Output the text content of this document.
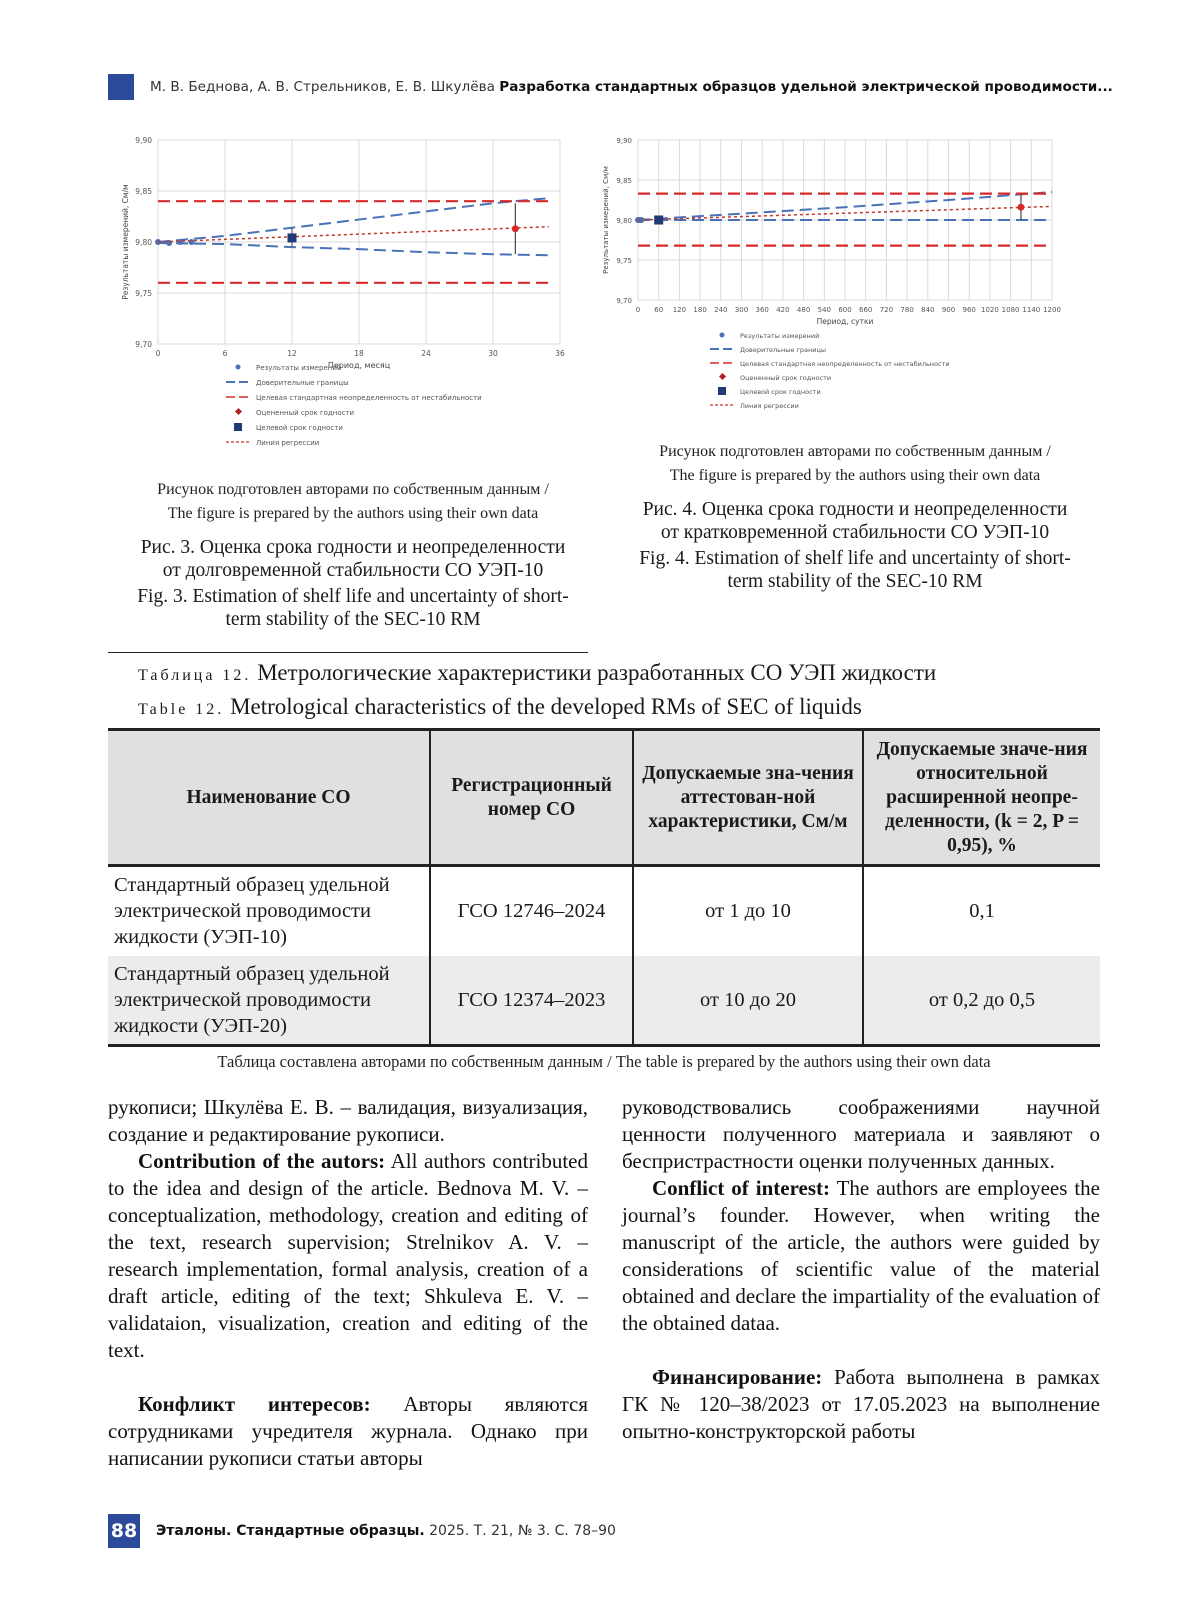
М. В. Беднова, А. В. Стрельников, Е. В. Шкулёва Разработка стандартных образцов удельной электрической проводимости...
0	6	12	18	24	30	36
9,70
9,75
9,80
9,85
9,90
Период, месяц
Результаты измерений, См/м
Результаты измерений
Доверительные границы
Целевая стандартная неопределенность от нестабильности
Оцененный срок годности
Целевой срок годности
Линия регрессии
0 60 120 180 240 300 360 420 480 540 600 660 720 780 840 900 960 1020 1080 1140 1200
9,70
9,75
9,80
9,85
9,90
Период, сутки
Результаты измерений, См/м
Результаты измерений
Доверительные границы
Целевая стандартная неопределенность от нестабильности
Оцененный срок годности
Целевой срок годности
Линия регрессии
Рисунок подготовлен авторами по собственным данным /
The figure is prepared by the authors using their own data
Рис. 3. Оценка срока годности и неопределенности
от долговременной стабильности СО УЭП-10
Fig. 3. Estimation of shelf life and uncertainty of short-
term stability of the SEC-10 RM
Рисунок подготовлен авторами по собственным данным /
The figure is prepared by the authors using their own data
Рис. 4. Оценка срока годности и неопределенности
от кратковременной стабильности СО УЭП-10
Fig. 4. Estimation of shelf life and uncertainty of short-
term stability of the SEC-10 RM
Таблица 12. Метрологические характеристики разработанных СО УЭП жидкости
Table 12. Metrological characteristics of the developed RMs of SEC of liquids
Наименование СО	Регистрационный номер СО	Допускаемые зна-чения аттестован-ной характеристики, См/м	Допускаемые значе-ния относительной расширенной неопре-деленности, (k = 2, P = 0,95), %
Стандартный образец удельной электрической проводимости жидкости (УЭП-10)	ГСО 12746–2024	от 1 до 10	0,1
Стандартный образец удельной электрической проводимости жидкости (УЭП-20)	ГСО 12374–2023	от 10 до 20	от 0,2 до 0,5
Таблица составлена авторами по собственным данным / The table is prepared by the authors using their own data

рукописи; Шкулёва Е. В. – валидация, визуализация, создание и редактирование рукописи.

Contribution of the autors: All authors contributed to the idea and design of the article. Bednova M. V. – conceptualization, methodology, creation and editing of the text, research supervision; Strelnikov A. V. – research implementation, formal analysis, creation of a draft article, editing of the text; Shkuleva E. V. – validataion, visualization, creation and editing of the text.

Конфликт интересов: Авторы являются сотрудниками учредителя журнала. Однако при написании рукописи статьи авторы

руководствовались соображениями научной ценности полученного материала и заявляют о беспристрастности оценки полученных данных.

Conflict of interest: The authors are employees the journal’s founder. However, when writing the manuscript of the article, the authors were guided by considerations of scientific value of the material obtained and declare the impartiality of the evaluation of the obtained dataa.

Финансирование: Работа выполнена в рамках ГК № 120–38/2023 от 17.05.2023 на выполнение опытно-конструкторской работы

88 Эталоны. Стандартные образцы. 2025. Т. 21, № 3. С. 78–90
